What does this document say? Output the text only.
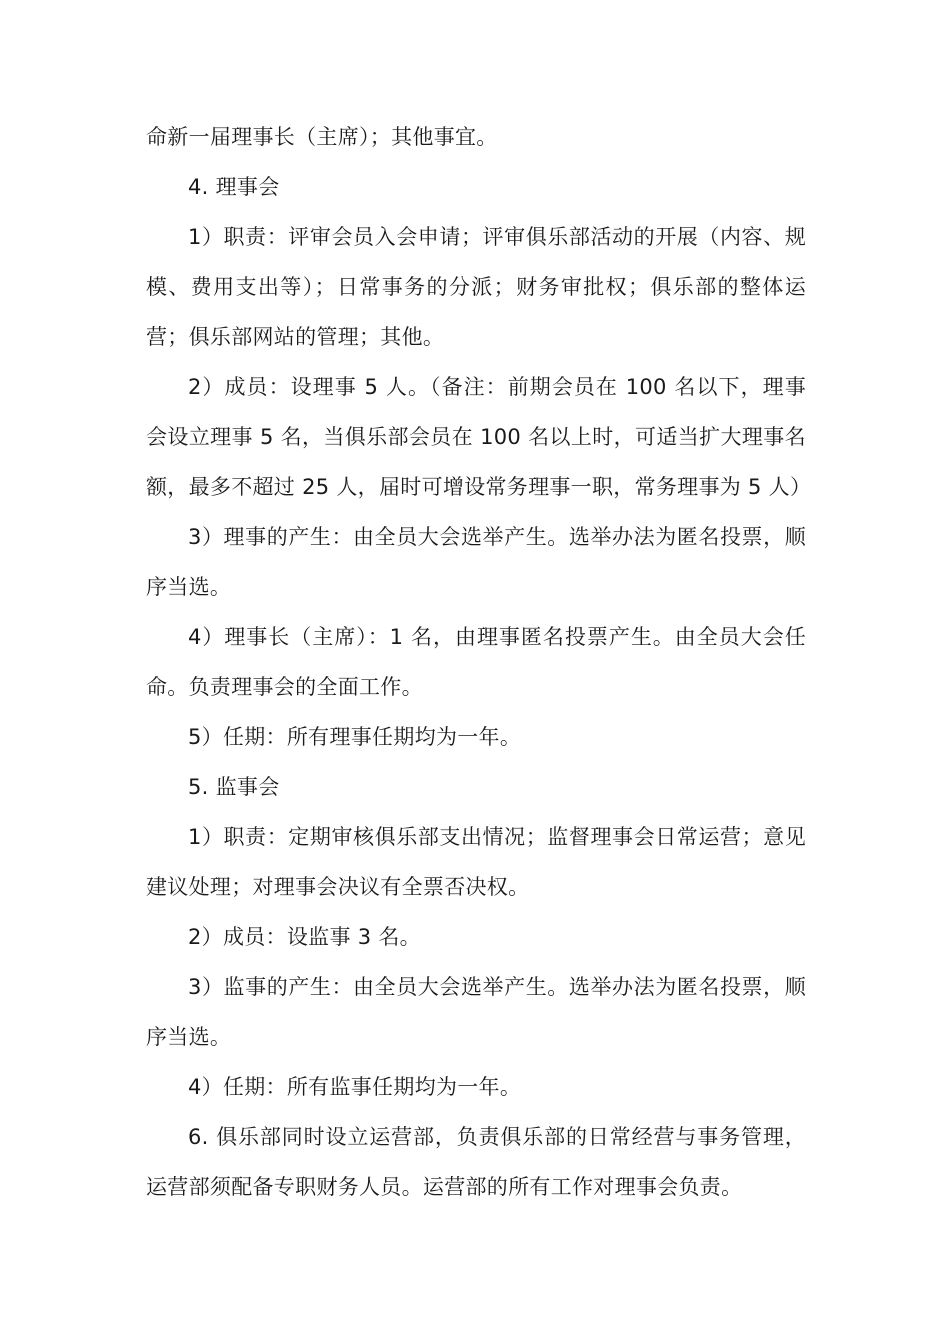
命新一届理事长（主席）；其他事宜。

4. 理事会

1）职责：评审会员入会申请；评审俱乐部活动的开展（内容、规模、费用支出等）；日常事务的分派；财务审批权；俱乐部的整体运营；俱乐部网站的管理；其他。

2）成员：设理事 5 人。（备注：前期会员在 100 名以下，理事会设立理事 5 名，当俱乐部会员在 100 名以上时，可适当扩大理事名额，最多不超过 25 人，届时可增设常务理事一职，常务理事为 5 人）

3）理事的产生：由全员大会选举产生。选举办法为匿名投票，顺序当选。

4）理事长（主席）：1 名，由理事匿名投票产生。由全员大会任命。负责理事会的全面工作。

5）任期：所有理事任期均为一年。

5. 监事会

1）职责：定期审核俱乐部支出情况；监督理事会日常运营；意见建议处理；对理事会决议有全票否决权。

2）成员：设监事 3 名。

3）监事的产生：由全员大会选举产生。选举办法为匿名投票，顺序当选。

4）任期：所有监事任期均为一年。

6. 俱乐部同时设立运营部，负责俱乐部的日常经营与事务管理，运营部须配备专职财务人员。运营部的所有工作对理事会负责。
